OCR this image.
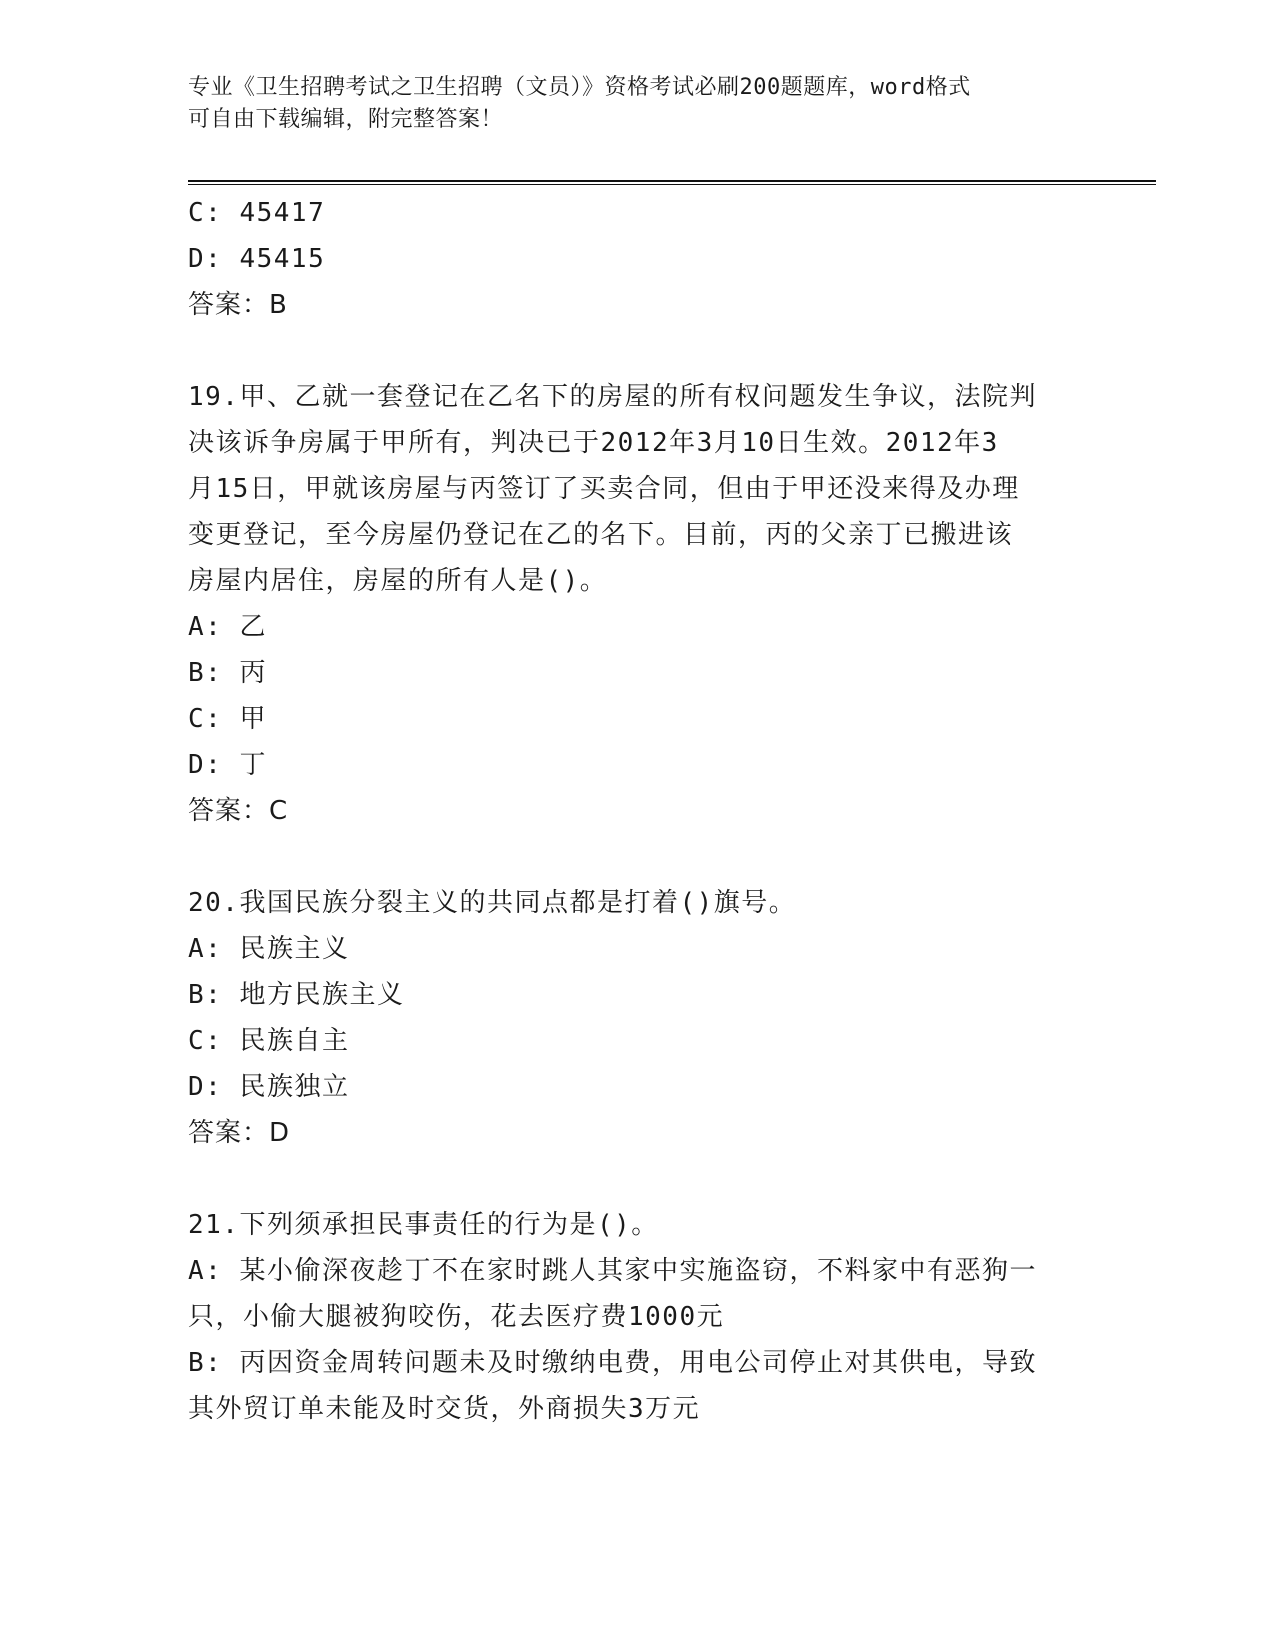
专业《卫生招聘考试之卫生招聘（文员）》资格考试必刷200题题库，word格式
可自由下载编辑，附完整答案！
C: 45417
D: 45415
答案：B
19.甲、乙就一套登记在乙名下的房屋的所有权问题发生争议，法院判
决该诉争房属于甲所有，判决已于2012年3月10日生效。2012年3
月15日，甲就该房屋与丙签订了买卖合同，但由于甲还没来得及办理
变更登记，至今房屋仍登记在乙的名下。目前，丙的父亲丁已搬进该
房屋内居住，房屋的所有人是()。
A: 乙
B: 丙
C: 甲
D: 丁
答案：C
20.我国民族分裂主义的共同点都是打着()旗号。
A: 民族主义
B: 地方民族主义
C: 民族自主
D: 民族独立
答案：D
21.下列须承担民事责任的行为是()。
A: 某小偷深夜趁丁不在家时跳人其家中实施盗窃，不料家中有恶狗一
只，小偷大腿被狗咬伤，花去医疗费1000元
B: 丙因资金周转问题未及时缴纳电费，用电公司停止对其供电，导致
其外贸订单未能及时交货，外商损失3万元
